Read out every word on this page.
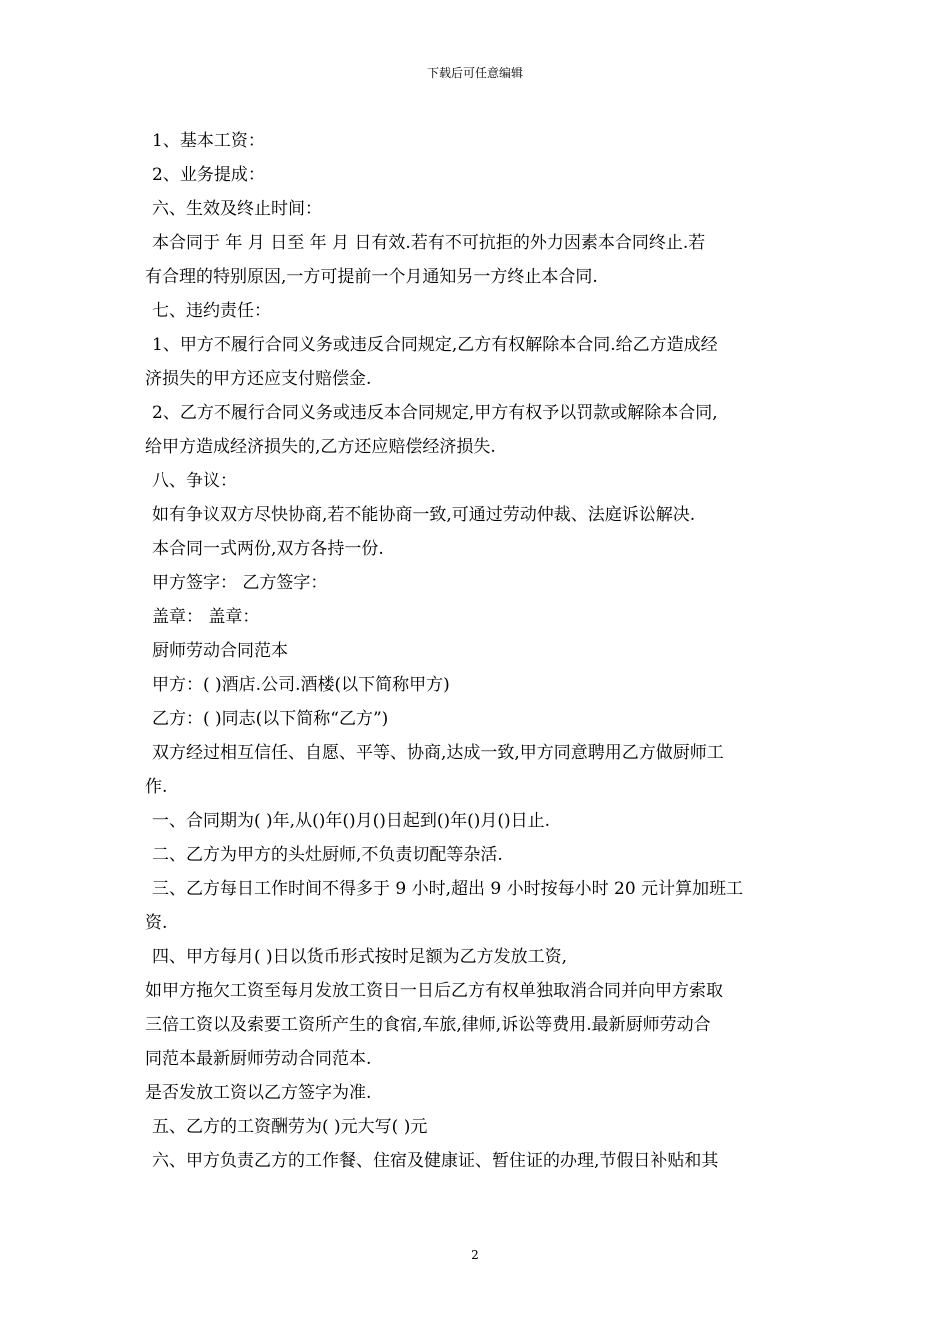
下载后可任意编辑

1、基本工资：

2、业务提成：

六、生效及终止时间：

本合同于 年 月 日至 年 月 日有效.若有不可抗拒的外力因素本合同终止.若

有合理的特别原因,一方可提前一个月通知另一方终止本合同.

七、违约责任：

1、甲方不履行合同义务或违反合同规定,乙方有权解除本合同.给乙方造成经

济损失的甲方还应支付赔偿金.

2、乙方不履行合同义务或违反本合同规定,甲方有权予以罚款或解除本合同,

给甲方造成经济损失的,乙方还应赔偿经济损失.

八、争议：

如有争议双方尽快协商,若不能协商一致,可通过劳动仲裁、法庭诉讼解决.

本合同一式两份,双方各持一份.

甲方签字： 乙方签字：

盖章： 盖章：

厨师劳动合同范本

甲方：( )酒店.公司.酒楼(以下简称甲方)

乙方：( )同志(以下简称“乙方”)

双方经过相互信任、自愿、平等、协商,达成一致,甲方同意聘用乙方做厨师工

作.

一、合同期为( )年,从()年()月()日起到()年()月()日止.

二、乙方为甲方的头灶厨师,不负责切配等杂活.

三、乙方每日工作时间不得多于 9 小时,超出 9 小时按每小时 20 元计算加班工

资.

四、甲方每月( )日以货币形式按时足额为乙方发放工资,

如甲方拖欠工资至每月发放工资日一日后乙方有权单独取消合同并向甲方索取

三倍工资以及索要工资所产生的食宿,车旅,律师,诉讼等费用.最新厨师劳动合

同范本最新厨师劳动合同范本.

是否发放工资以乙方签字为准.

五、乙方的工资酬劳为( )元大写( )元

六、甲方负责乙方的工作餐、住宿及健康证、暂住证的办理,节假日补贴和其

2
